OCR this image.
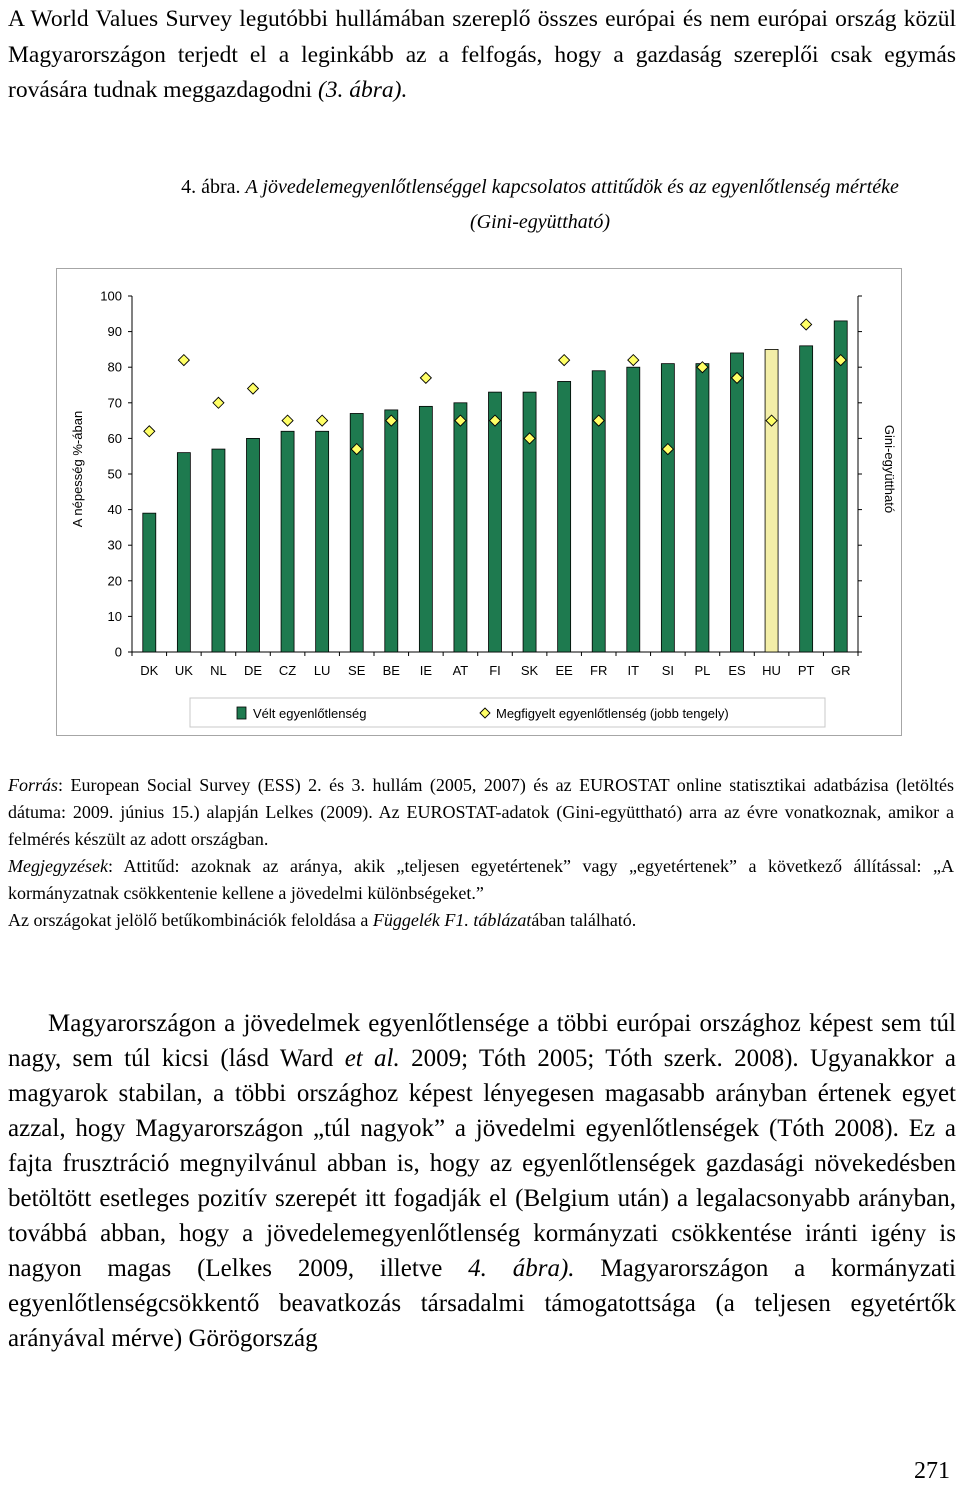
A World Values Survey legutóbbi hullámában szereplő összes európai és nem európai ország közül Magyarországon terjedt el a leginkább az a felfogás, hogy a gazdaság szereplői csak egymás rovására tudnak meggazdagodni (3. ábra).

4. ábra. A jövedelemegyenlőtlenséggel kapcsolatos attitűdök és az egyenlőtlenség mértéke
(Gini-együttható)
0
10
20
30
40
50
60
70
80
90
100
DK UK NL DE CZ LU SE BE IE AT FI SK EE FR IT SI PL ES HU PT GR
A népesség %-ában	Gini-együttható
Vélt egyenlőtlenség	Megfigyelt egyenlőtlenség (jobb tengely)

Forrás: European Social Survey (ESS) 2. és 3. hullám (2005, 2007) és az EUROSTAT online statisztikai adatbázisa (letöltés dátuma: 2009. június 15.) alapján Lelkes (2009). Az EUROSTAT-adatok (Gini-együttható) arra az évre vonatkoznak, amikor a felmérés készült az adott országban.
Megjegyzések: Attitűd: azoknak az aránya, akik „teljesen egyetértenek” vagy „egyetértenek” a következő állítással: „A kormányzatnak csökkentenie kellene a jövedelmi különbségeket.”
Az országokat jelölő betűkombinációk feloldása a Függelék F1. táblázatában található.

Magyarországon a jövedelmek egyenlőtlensége a többi európai országhoz képest sem túl nagy, sem túl kicsi (lásd Ward et al. 2009; Tóth 2005; Tóth szerk. 2008). Ugyanakkor a magyarok stabilan, a többi országhoz képest lényegesen magasabb arányban értenek egyet azzal, hogy Magyarországon „túl nagyok” a jövedelmi egyenlőtlenségek (Tóth 2008). Ez a fajta frusztráció megnyilvánul abban is, hogy az egyenlőtlenségek gazdasági növekedésben betöltött esetleges pozitív szerepét itt fogadják el (Belgium után) a legalacsonyabb arányban, továbbá abban, hogy a jövedelemegyenlőtlenség kormányzati csökkentése iránti igény is nagyon magas (Lelkes 2009, illetve 4. ábra). Magyarországon a kormányzati egyenlőtlenségcsökkentő beavatkozás társadalmi támogatottsága (a teljesen egyetértők arányával mérve) Görögország

271
